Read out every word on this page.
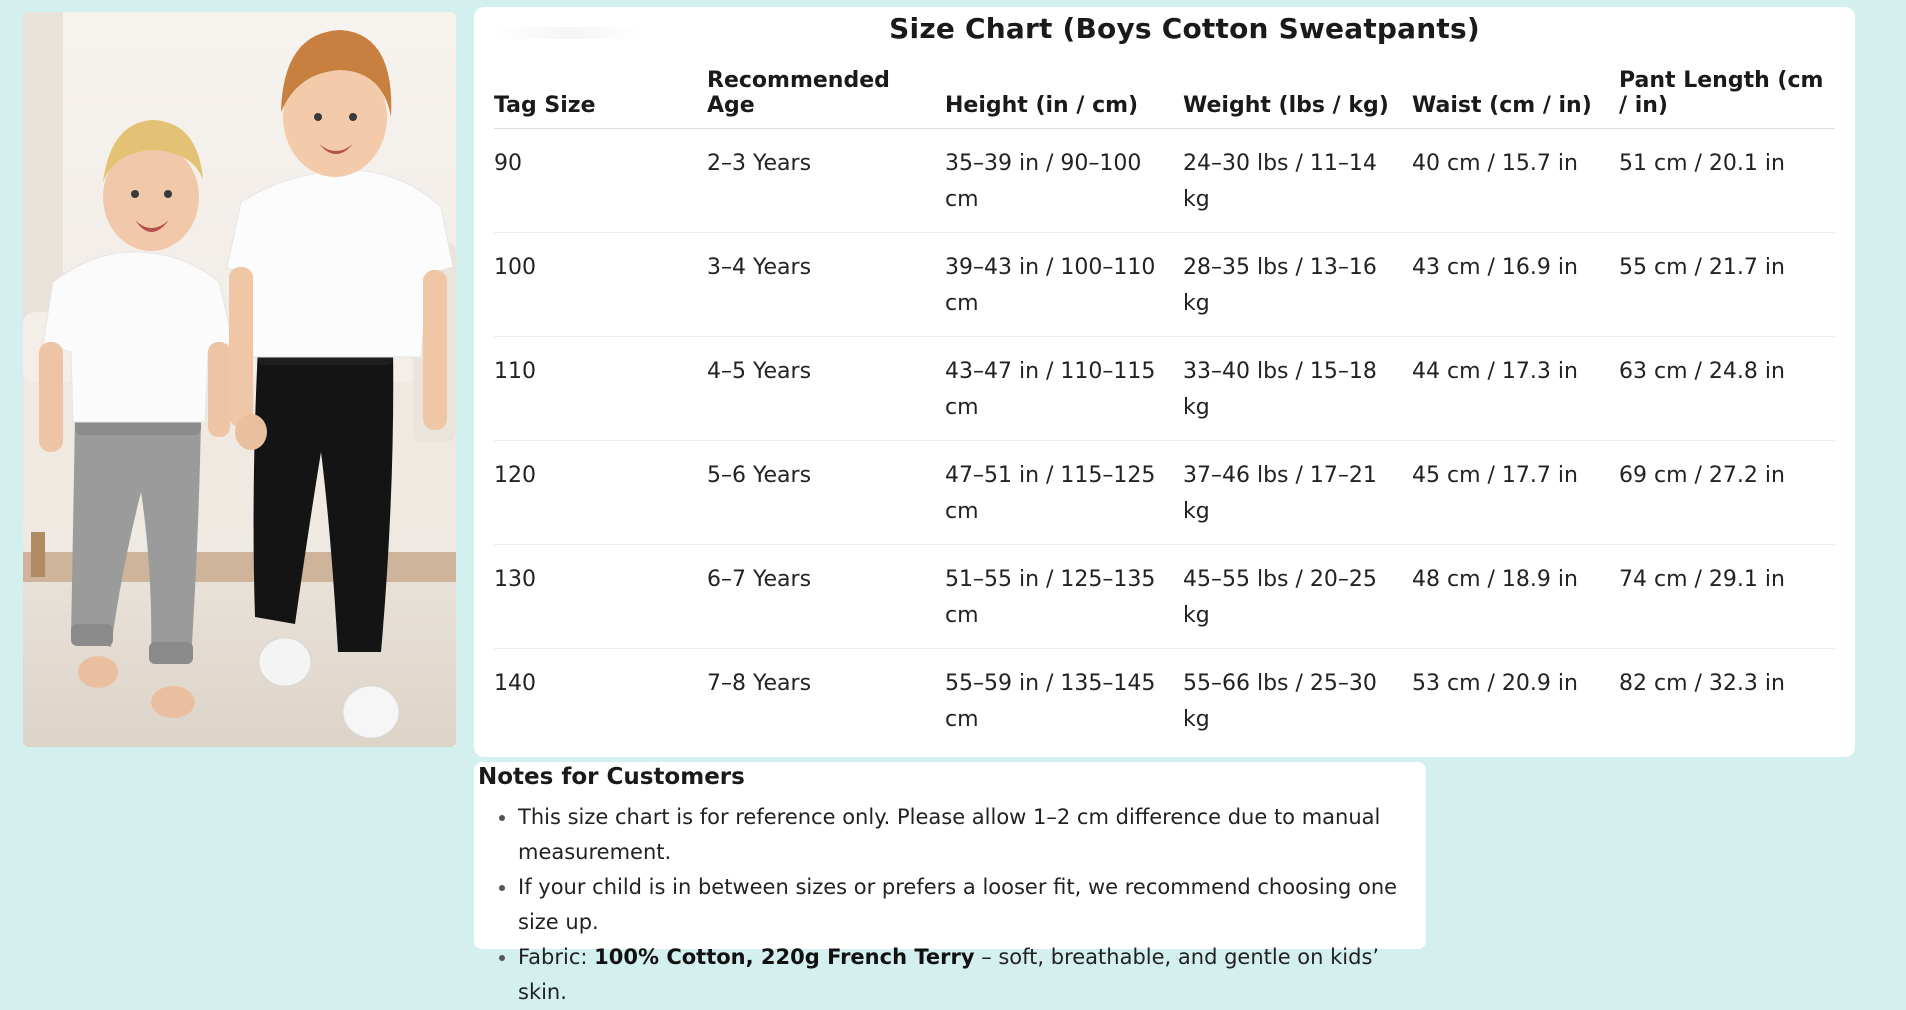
Size Chart (Boys Cotton Sweatpants)
Tag Size	Recommended Age	Height (in / cm)	Weight (lbs / kg)	Waist (cm / in)	Pant Length (cm / in)
90	2–3 Years	35–39 in / 90–100 cm	24–30 lbs / 11–14 kg	40 cm / 15.7 in	51 cm / 20.1 in
100	3–4 Years	39–43 in / 100–110 cm	28–35 lbs / 13–16 kg	43 cm / 16.9 in	55 cm / 21.7 in
110	4–5 Years	43–47 in / 110–115 cm	33–40 lbs / 15–18 kg	44 cm / 17.3 in	63 cm / 24.8 in
120	5–6 Years	47–51 in / 115–125 cm	37–46 lbs / 17–21 kg	45 cm / 17.7 in	69 cm / 27.2 in
130	6–7 Years	51–55 in / 125–135 cm	45–55 lbs / 20–25 kg	48 cm / 18.9 in	74 cm / 29.1 in
140	7–8 Years	55–59 in / 135–145 cm	55–66 lbs / 25–30 kg	53 cm / 20.9 in	82 cm / 32.3 in
Notes for Customers
• This size chart is for reference only. Please allow 1–2 cm difference due to manual measurement.
• If your child is in between sizes or prefers a looser fit, we recommend choosing one size up.
• Fabric: 100% Cotton, 220g French Terry – soft, breathable, and gentle on kids’ skin.
